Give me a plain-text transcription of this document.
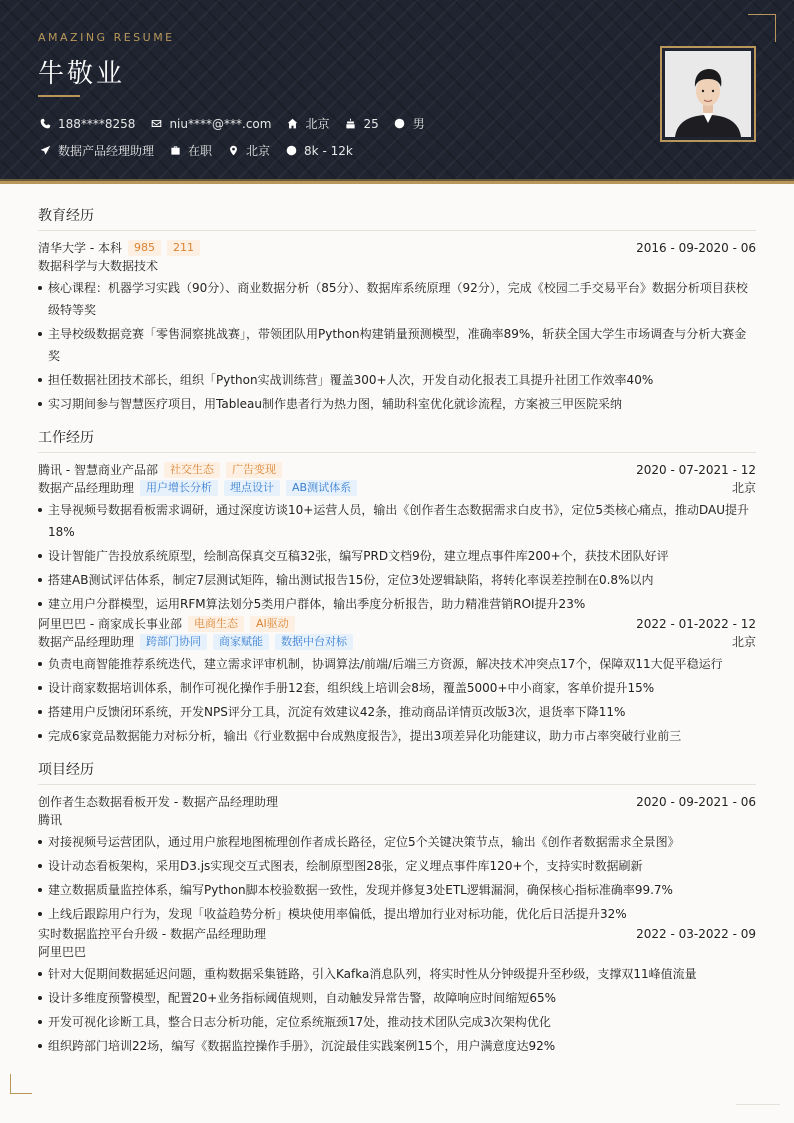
AMAZING RESUME
牛敬业
188****8258	niu****@***.com	北京	25	男
数据产品经理助理	在职	北京	8k - 12k
教育经历
清华大学 - 本科	985	211	2016 - 09-2020 - 06
数据科学与大数据技术
核心课程：机器学习实践（90分）、商业数据分析（85分）、数据库系统原理（92分），完成《校园二手交易平台》数据分析项目获校级特等奖
主导校级数据竞赛「零售洞察挑战赛」，带领团队用Python构建销量预测模型，准确率89%，斩获全国大学生市场调查与分析大赛金奖
担任数据社团技术部长，组织「Python实战训练营」覆盖300+人次，开发自动化报表工具提升社团工作效率40%
实习期间参与智慧医疗项目，用Tableau制作患者行为热力图，辅助科室优化就诊流程，方案被三甲医院采纳
工作经历
腾讯 - 智慧商业产品部	社交生态	广告变现	2020 - 07-2021 - 12
数据产品经理助理	用户增长分析	埋点设计	AB测试体系	北京
主导视频号数据看板需求调研，通过深度访谈10+运营人员，输出《创作者生态数据需求白皮书》，定位5类核心痛点，推动DAU提升18%
设计智能广告投放系统原型，绘制高保真交互稿32张，编写PRD文档9份，建立埋点事件库200+个，获技术团队好评
搭建AB测试评估体系，制定7层测试矩阵，输出测试报告15份，定位3处逻辑缺陷，将转化率误差控制在0.8%以内
建立用户分群模型，运用RFM算法划分5类用户群体，输出季度分析报告，助力精准营销ROI提升23%
阿里巴巴 - 商家成长事业部	电商生态	AI驱动	2022 - 01-2022 - 12
数据产品经理助理	跨部门协同	商家赋能	数据中台对标	北京
负责电商智能推荐系统迭代，建立需求评审机制，协调算法/前端/后端三方资源，解决技术冲突点17个，保障双11大促平稳运行
设计商家数据培训体系，制作可视化操作手册12套，组织线上培训会8场，覆盖5000+中小商家，客单价提升15%
搭建用户反馈闭环系统，开发NPS评分工具，沉淀有效建议42条，推动商品详情页改版3次，退货率下降11%
完成6家竞品数据能力对标分析，输出《行业数据中台成熟度报告》，提出3项差异化功能建议，助力市占率突破行业前三
项目经历
创作者生态数据看板开发 - 数据产品经理助理	2020 - 09-2021 - 06
腾讯
对接视频号运营团队，通过用户旅程地图梳理创作者成长路径，定位5个关键决策节点，输出《创作者数据需求全景图》
设计动态看板架构，采用D3.js实现交互式图表，绘制原型图28张，定义埋点事件库120+个，支持实时数据刷新
建立数据质量监控体系，编写Python脚本校验数据一致性，发现并修复3处ETL逻辑漏洞，确保核心指标准确率99.7%
上线后跟踪用户行为，发现「收益趋势分析」模块使用率偏低，提出增加行业对标功能，优化后日活提升32%
实时数据监控平台升级 - 数据产品经理助理	2022 - 03-2022 - 09
阿里巴巴
针对大促期间数据延迟问题，重构数据采集链路，引入Kafka消息队列，将实时性从分钟级提升至秒级，支撑双11峰值流量
设计多维度预警模型，配置20+业务指标阈值规则，自动触发异常告警，故障响应时间缩短65%
开发可视化诊断工具，整合日志分析功能，定位系统瓶颈17处，推动技术团队完成3次架构优化
组织跨部门培训22场，编写《数据监控操作手册》，沉淀最佳实践案例15个，用户满意度达92%
